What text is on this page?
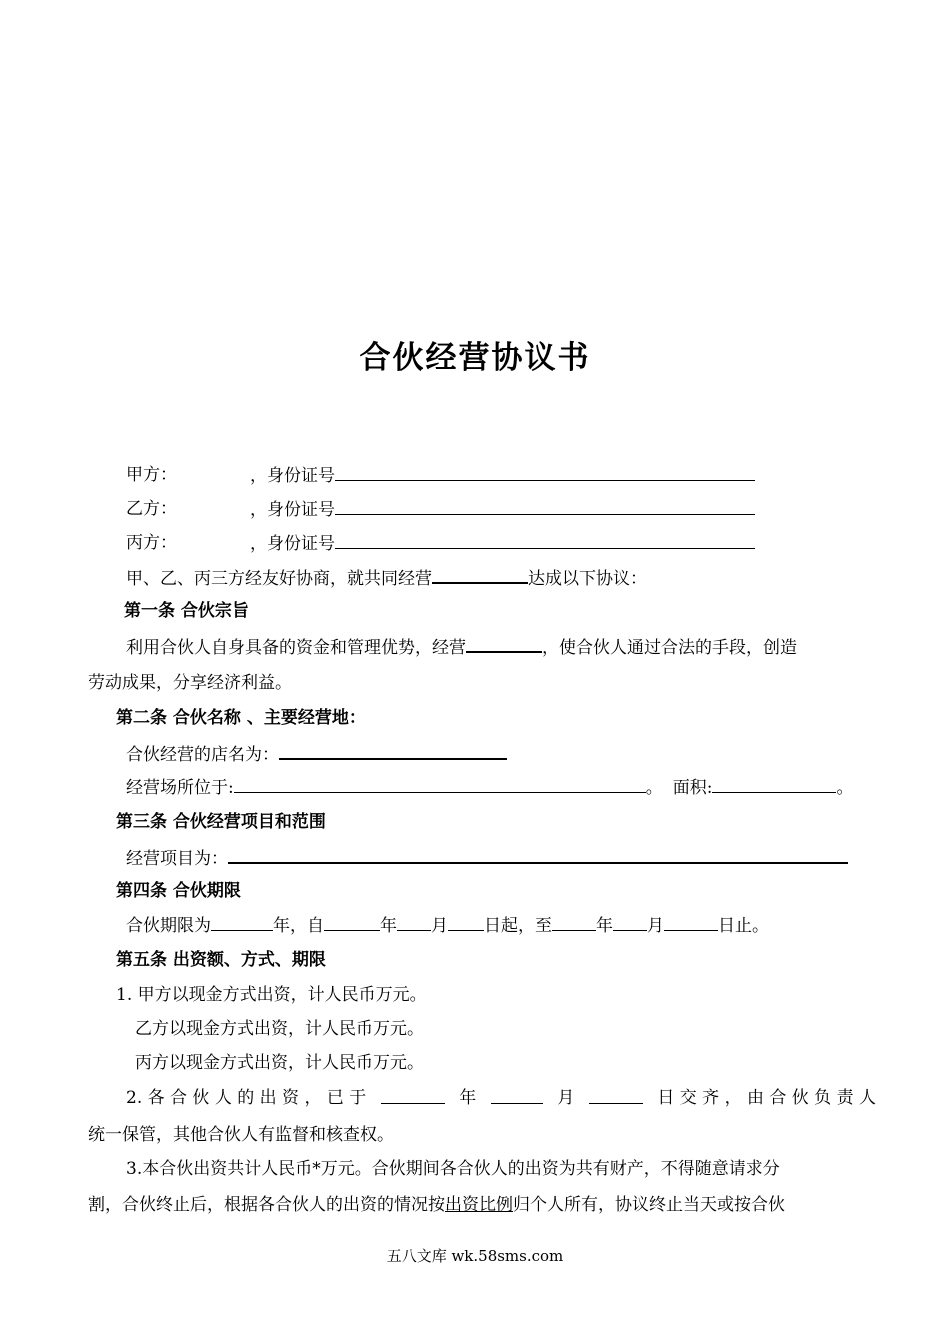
合伙经营协议书
甲方：	，身份证号
乙方：	，身份证号
丙方：	，身份证号
甲、乙、丙三方经友好协商，就共同经营	达成以下协议：
第一条 合伙宗旨
利用合伙人自身具备的资金和管理优势，经营	，使合伙人通过合法的手段，创造
劳动成果，分享经济利益。
第二条 合伙名称 、主要经营地：
合伙经营的店名为：
经营场所位于:	。 面积:	。
第三条 合伙经营项目和范围
经营项目为：
第四条 合伙期限
合伙期限为	年，自	年 月 日起，至	年 月	日止。
第五条 出资额、方式、期限
1. 甲方以现金方式出资，计人民币万元。
乙方以现金方式出资，计人民币万元。
丙方以现金方式出资，计人民币万元。
2. 各 合 伙 人 的 出 资 ， 已 于	年	月	日 交 齐 ， 由 合 伙 负 责 人
统一保管，其他合伙人有监督和核查权。
3.本合伙出资共计人民币*万元。合伙期间各合伙人的出资为共有财产，不得随意请求分
割，合伙终止后，根据各合伙人的出资的情况按出资比例归个人所有，协议终止当天或按合伙
五八文库 wk.58sms.com
